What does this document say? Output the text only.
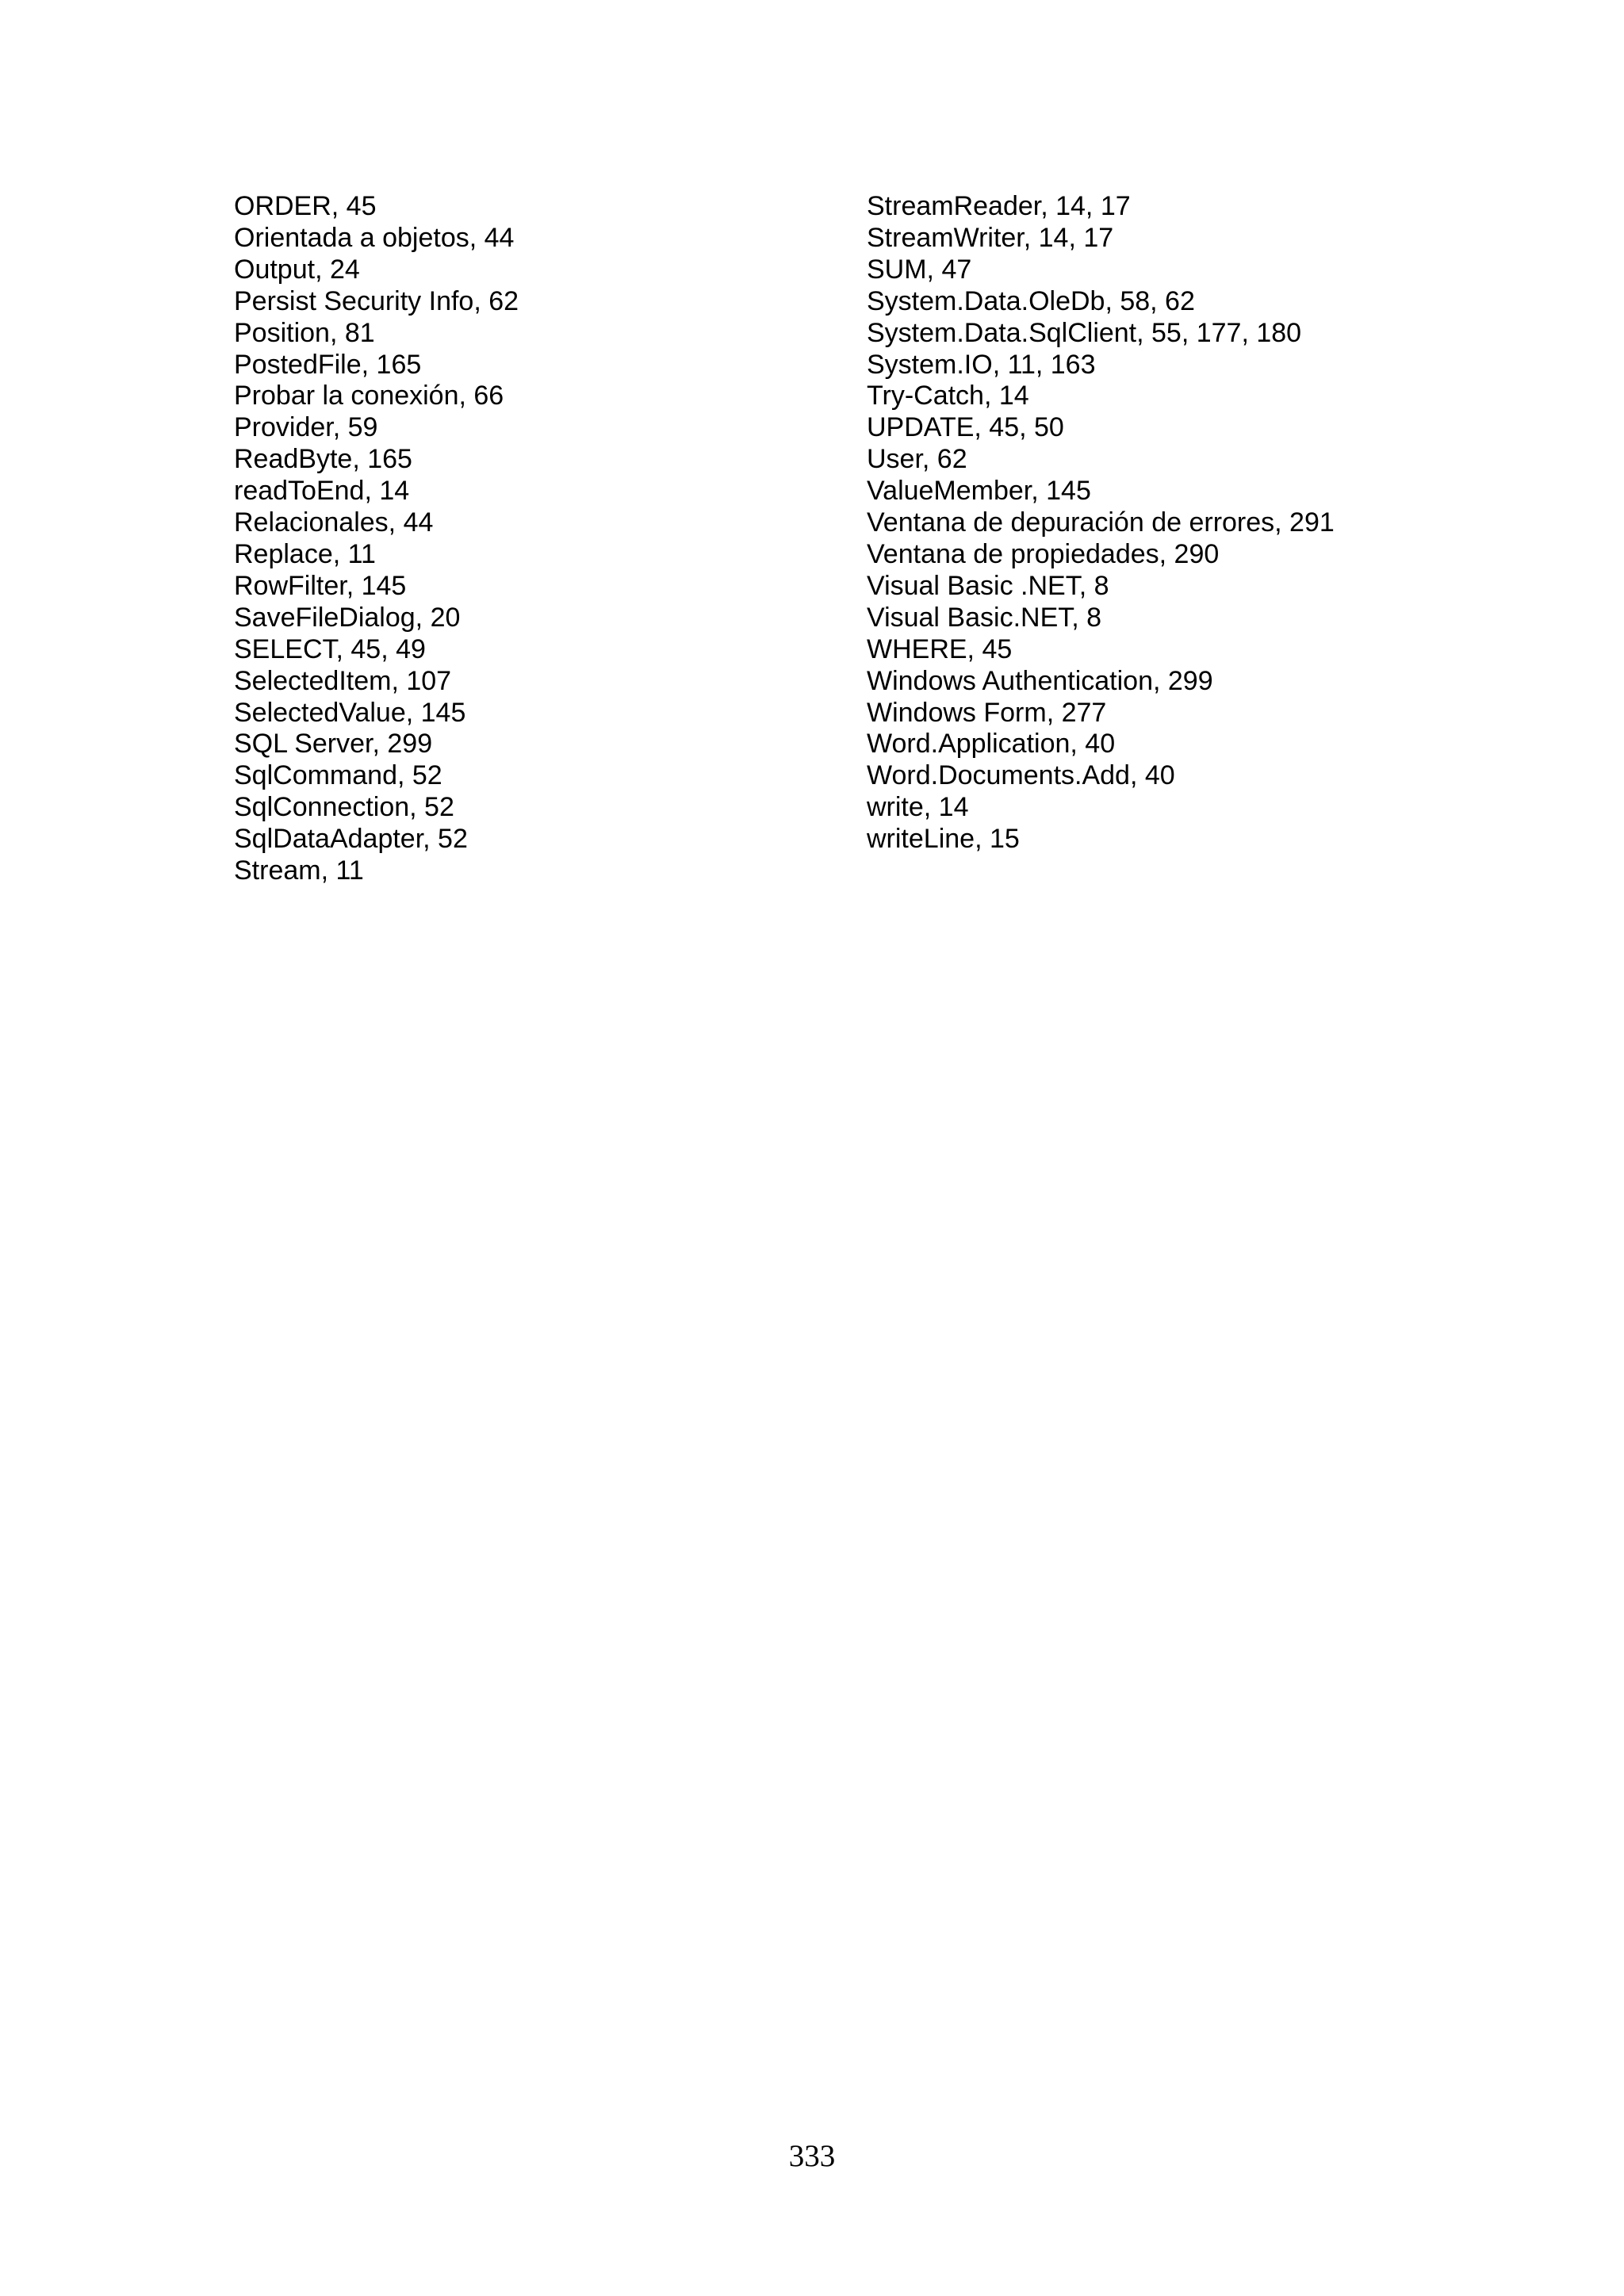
ORDER, 45
Orientada a objetos, 44
Output, 24
Persist Security Info, 62
Position, 81
PostedFile, 165
Probar la conexión, 66
Provider, 59
ReadByte, 165
readToEnd, 14
Relacionales, 44
Replace, 11
RowFilter, 145
SaveFileDialog, 20
SELECT, 45, 49
SelectedItem, 107
SelectedValue, 145
SQL Server, 299
SqlCommand, 52
SqlConnection, 52
SqlDataAdapter, 52
Stream, 11
StreamReader, 14, 17
StreamWriter, 14, 17
SUM, 47
System.Data.OleDb, 58, 62
System.Data.SqlClient, 55, 177, 180
System.IO, 11, 163
Try-Catch, 14
UPDATE, 45, 50
User, 62
ValueMember, 145
Ventana de depuración de errores, 291
Ventana de propiedades, 290
Visual Basic .NET, 8
Visual Basic.NET, 8
WHERE, 45
Windows Authentication, 299
Windows Form, 277
Word.Application, 40
Word.Documents.Add, 40
write, 14
writeLine, 15
333
